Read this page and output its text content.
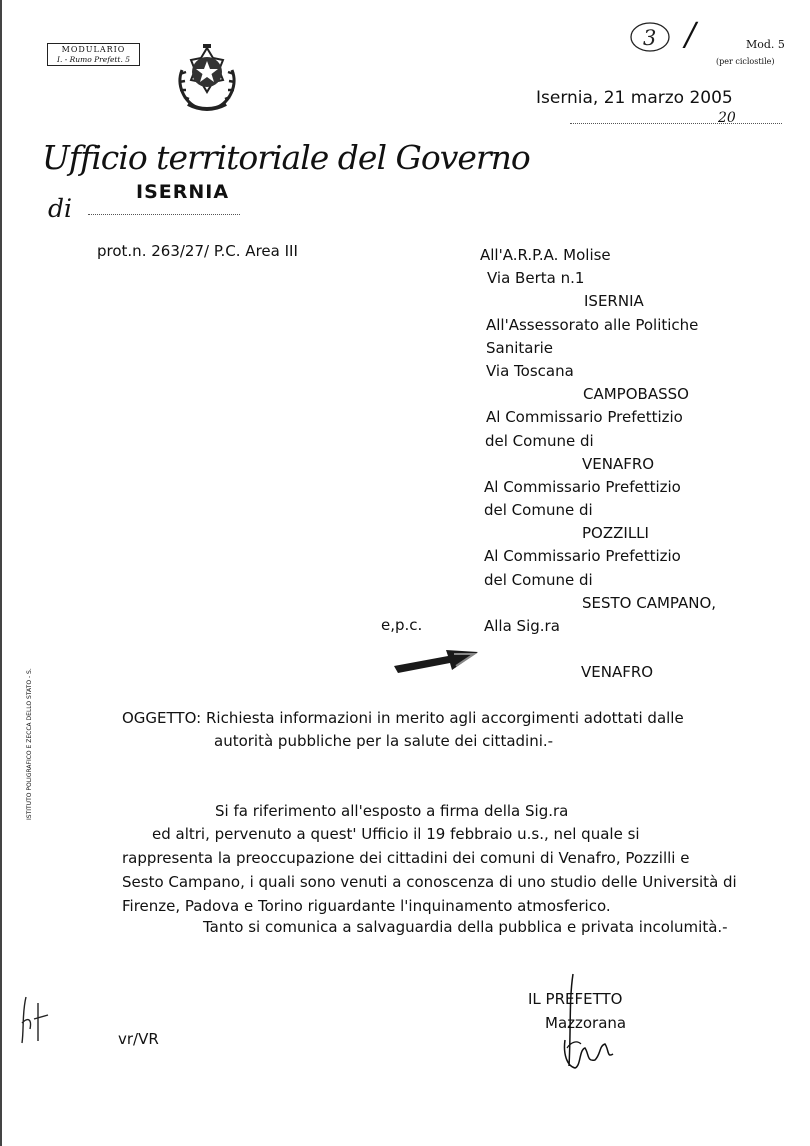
MODULARIO
I. - Rumo Prefett. 5
3 /	Mod. 5
(per ciclostile)
Isernia, 21 marzo 2005
20
Ufficio territoriale del Governo
di
ISERNIA
prot.n. 263/27/ P.C. Area III	All'A.R.P.A. Molise
Via Berta n.1
ISERNIA
All'Assessorato alle Politiche
Sanitarie
Via Toscana
CAMPOBASSO
Al Commissario Prefettizio
del Comune di
VENAFRO
Al Commissario Prefettizio
del Comune di
POZZILLI
Al Commissario Prefettizio
del Comune di
SESTO CAMPANO,
Alla Sig.ra
VENAFRO
e,p.c.
OGGETTO: Richiesta informazioni in merito agli accorgimenti adottati dalle
autorità pubbliche per la salute dei cittadini.-
Si fa riferimento all'esposto a firma della Sig.ra
ed altri, pervenuto a quest' Ufficio il 19 febbraio u.s., nel quale si
rappresenta la preoccupazione dei cittadini dei comuni di Venafro, Pozzilli e
Sesto Campano, i quali sono venuti a conoscenza di uno studio delle Università di
Firenze, Padova e Torino riguardante l'inquinamento atmosferico.
Tanto si comunica a salvaguardia della pubblica e privata incolumità.-
ISTITUTO POLIGRAFICO E ZECCA DELLO STATO - S.
IL PREFETTO
Mazzorana
vr/VR
